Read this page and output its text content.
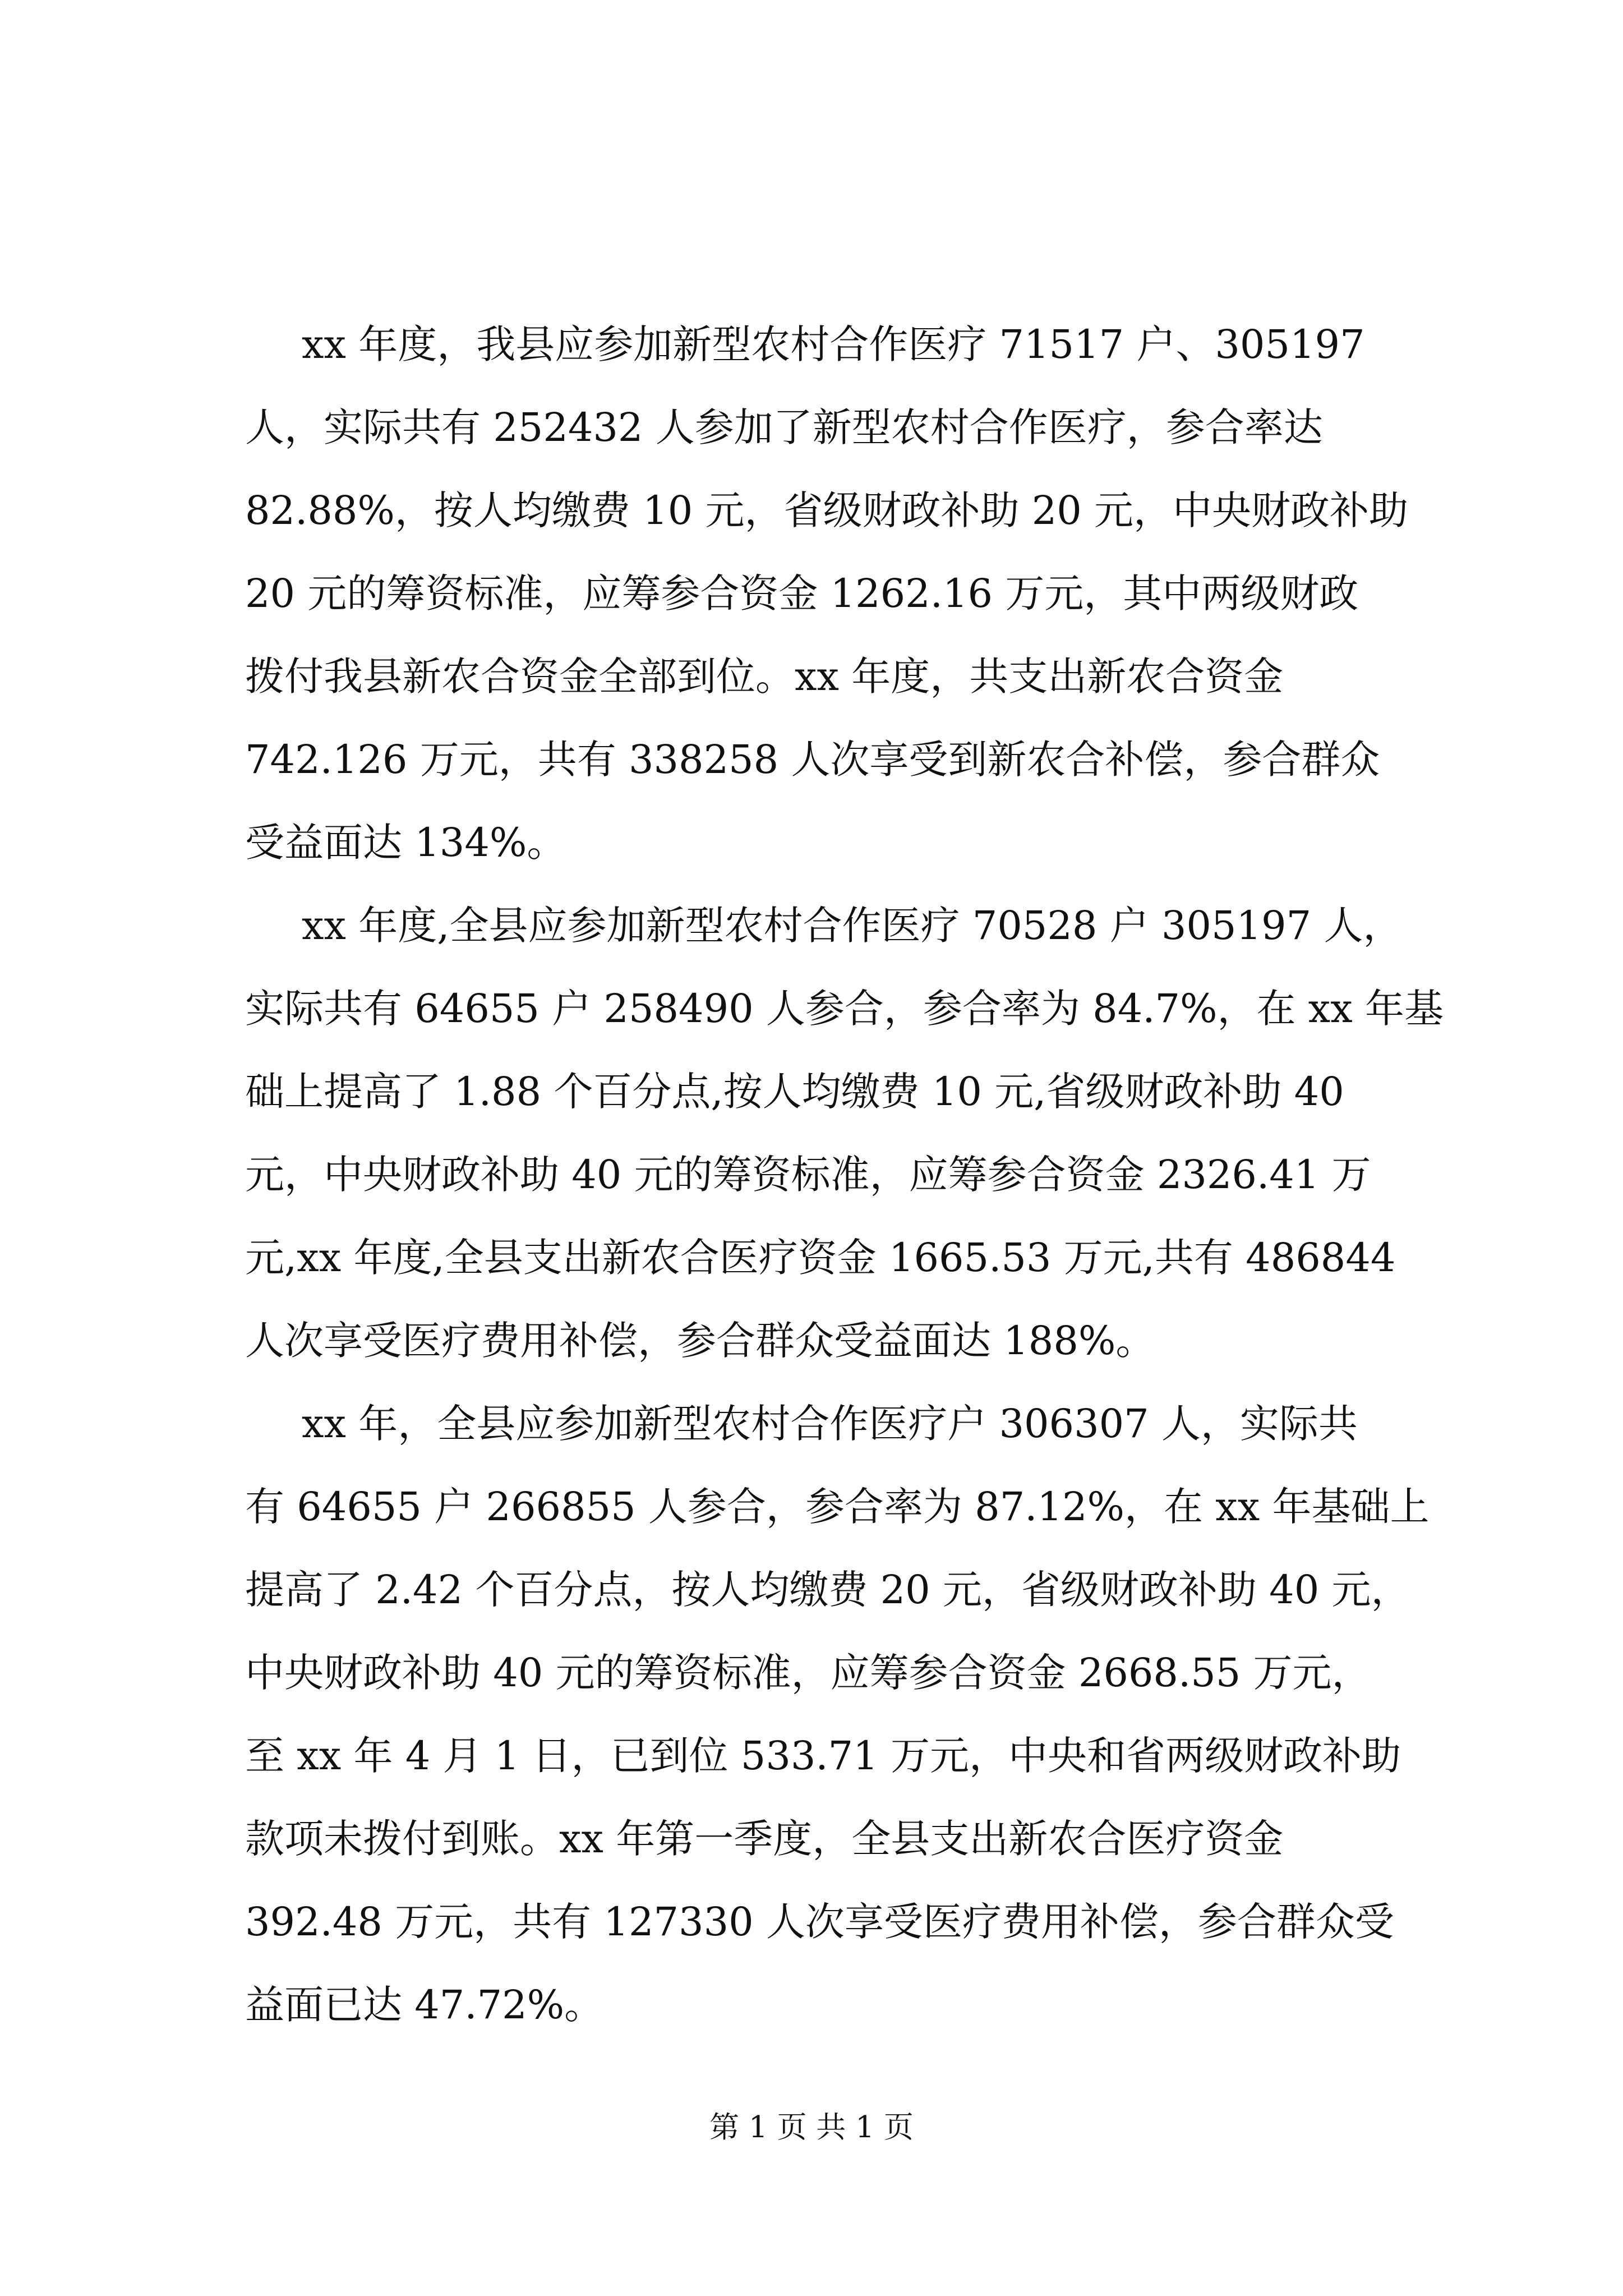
xx 年度，我县应参加新型农村合作医疗 71517 户、305197
人，实际共有 252432 人参加了新型农村合作医疗，参合率达
82.88%，按人均缴费 10 元，省级财政补助 20 元，中央财政补助
20 元的筹资标准，应筹参合资金 1262.16 万元，其中两级财政
拨付我县新农合资金全部到位。xx 年度，共支出新农合资金
742.126 万元，共有 338258 人次享受到新农合补偿，参合群众
受益面达 134%。
xx 年度,全县应参加新型农村合作医疗 70528 户 305197 人，
实际共有 64655 户 258490 人参合，参合率为 84.7%，在 xx 年基
础上提高了 1.88 个百分点,按人均缴费 10 元,省级财政补助 40
元，中央财政补助 40 元的筹资标准，应筹参合资金 2326.41 万
元,xx 年度,全县支出新农合医疗资金 1665.53 万元,共有 486844
人次享受医疗费用补偿，参合群众受益面达 188%。
xx 年，全县应参加新型农村合作医疗户 306307 人，实际共
有 64655 户 266855 人参合，参合率为 87.12%，在 xx 年基础上
提高了 2.42 个百分点，按人均缴费 20 元，省级财政补助 40 元，
中央财政补助 40 元的筹资标准，应筹参合资金 2668.55 万元，
至 xx 年 4 月 1 日，已到位 533.71 万元，中央和省两级财政补助
款项未拨付到账。xx 年第一季度，全县支出新农合医疗资金
392.48 万元，共有 127330 人次享受医疗费用补偿，参合群众受
益面已达 47.72%。
第 1 页 共 1 页
